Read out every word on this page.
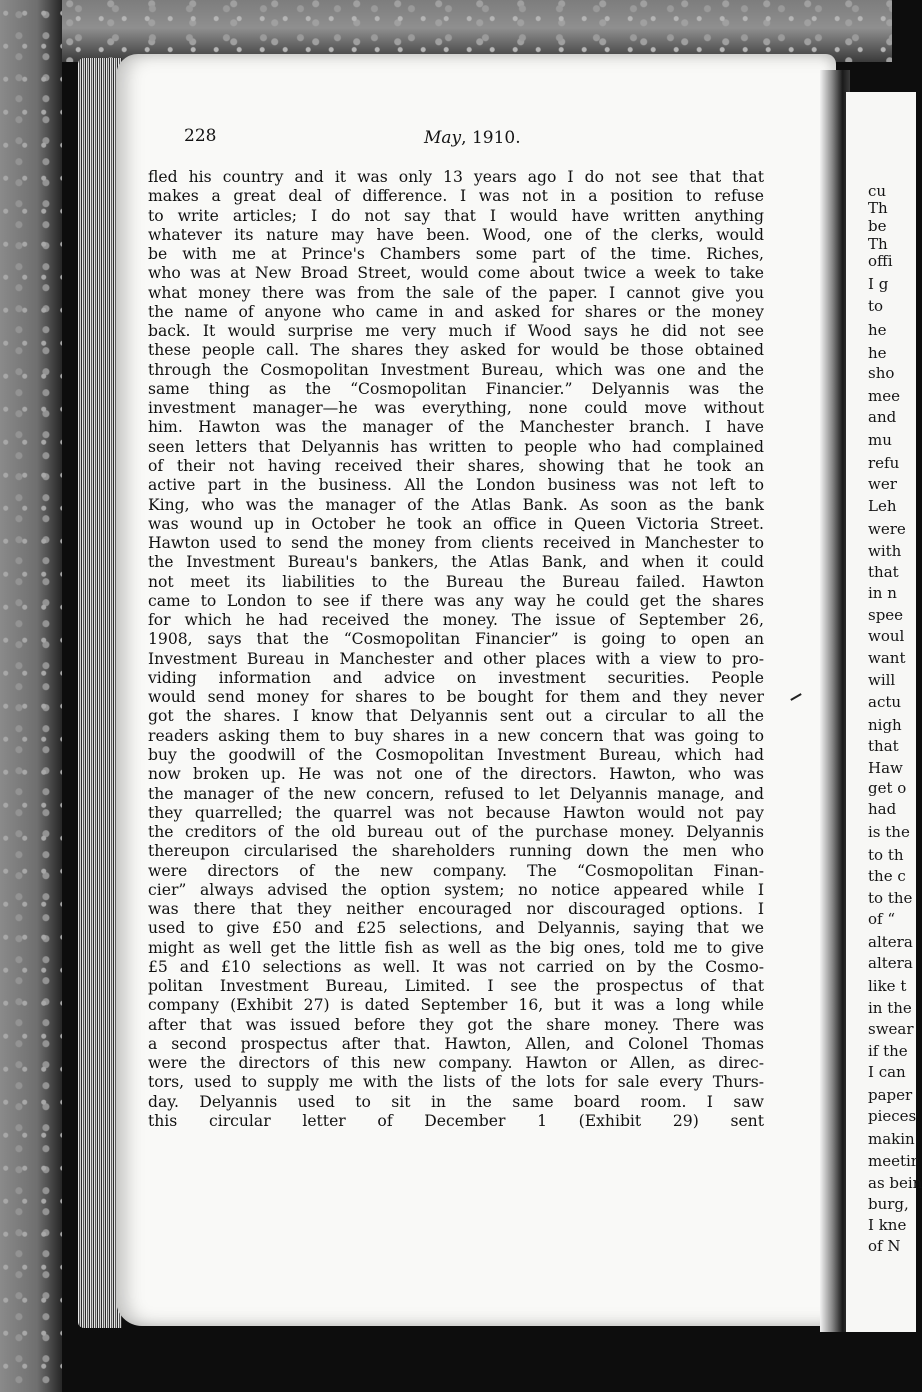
228	May, 1910.
fled his country and it was only 13 years ago I do not see that that
makes a great deal of difference. I was not in a position to refuse
to write articles; I do not say that I would have written anything
whatever its nature may have been. Wood, one of the clerks, would
be with me at Prince's Chambers some part of the time. Riches,
who was at New Broad Street, would come about twice a week to take
what money there was from the sale of the paper. I cannot give you
the name of anyone who came in and asked for shares or the money
back. It would surprise me very much if Wood says he did not see
these people call. The shares they asked for would be those obtained
through the Cosmopolitan Investment Bureau, which was one and the
same thing as the “Cosmopolitan Financier.” Delyannis was the
investment manager—he was everything, none could move without
him. Hawton was the manager of the Manchester branch. I have
seen letters that Delyannis has written to people who had complained
of their not having received their shares, showing that he took an
active part in the business. All the London business was not left to
King, who was the manager of the Atlas Bank. As soon as the bank
was wound up in October he took an office in Queen Victoria Street.
Hawton used to send the money from clients received in Manchester to
the Investment Bureau's bankers, the Atlas Bank, and when it could
not meet its liabilities to the Bureau the Bureau failed. Hawton
came to London to see if there was any way he could get the shares
for which he had received the money. The issue of September 26,
1908, says that the “Cosmopolitan Financier” is going to open an
Investment Bureau in Manchester and other places with a view to pro-
viding information and advice on investment securities. People
would send money for shares to be bought for them and they never
got the shares. I know that Delyannis sent out a circular to all the
readers asking them to buy shares in a new concern that was going to
buy the goodwill of the Cosmopolitan Investment Bureau, which had
now broken up. He was not one of the directors. Hawton, who was
the manager of the new concern, refused to let Delyannis manage, and
they quarrelled; the quarrel was not because Hawton would not pay
the creditors of the old bureau out of the purchase money. Delyannis
thereupon circularised the shareholders running down the men who
were directors of the new company. The “Cosmopolitan Finan-
cier” always advised the option system; no notice appeared while I
was there that they neither encouraged nor discouraged options. I
used to give £50 and £25 selections, and Delyannis, saying that we
might as well get the little fish as well as the big ones, told me to give
£5 and £10 selections as well. It was not carried on by the Cosmo-
politan Investment Bureau, Limited. I see the prospectus of that
company (Exhibit 27) is dated September 16, but it was a long while
after that was issued before they got the share money. There was
a second prospectus after that. Hawton, Allen, and Colonel Thomas
were the directors of this new company. Hawton or Allen, as direc-
tors, used to supply me with the lists of the lots for sale every Thurs-
day. Delyannis used to sit in the same board room. I saw
this circular letter of December 1 (Exhibit 29) sent
cu
Th
be
Th
offi
I g
to
he
he
sho
mee
and
mu
refu
wer
Leh
were
with
that
in n
spee
woul
want
will
actu
nigh
that
Haw
get o
had
is the
to th
the c
to the
of “
altera
altera
like t
in the
swear
if the
I can
paper
pieces
makin
meetir
as bein
burg,
I kne
of N
